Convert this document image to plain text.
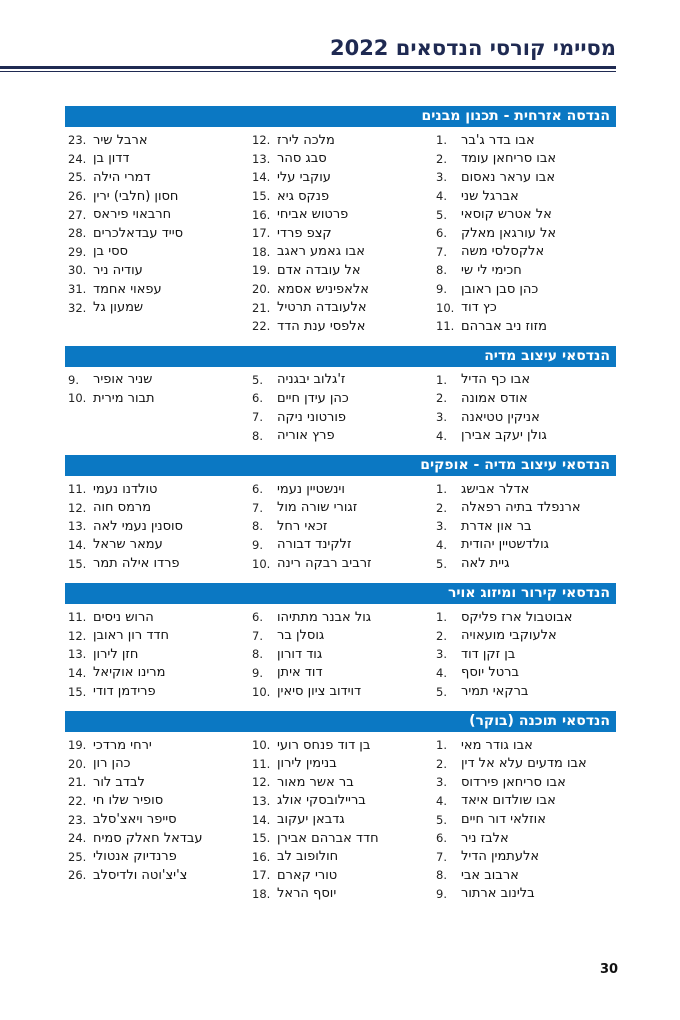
מסיימי קורסי הנדסאים 2022
הנדסה אזרחית - תכנון מבנים
1.	אבו בדר ג'בר
2.	אבו סריחאן עומד
3.	אבו עראר נאסום
4.	אברגל שני
5.	אל אטרש קוסאי
6.	אל עורגאן מאלק
7.	אלקסלסי משה
8.	חכימי לי שי
9.	כהן סבן ראובן
10. כץ דוד
11. מזוז ניב אברהם
12. מלכה לירז
13. סבג סהר
14. עוקבי עלי
15. פנקס גיא
16. פרטוש אביחי
17. קצפ פרדי
18. אבו גאמע ראגב
19. אל עובדה אדם
20. אלאפיניש אסמא
21. אלעובדה תרטיל
22. אלפסי ענת הדד
23. ארבל שיר
24. דדון בן
25. דמרי הילה
26. חסון (חלבי) ירין
27. חרבאוי פיראס
28. סייד עבדאלכרים
29. ססי בן
30. עודיה ניר
31. עפאוי אחמד
32. שמעון גל
הנדסאי עיצוב מדיה
1.	אבו כף הדיל
2.	אודס אמונה
3.	אניקין טטיאנה
4.	גולן יעקב אבירן
5.	ז'גלוב יבגניה
6.	כהן עידן חיים
7.	פורטוני ניקה
8.	פרץ אוריה
9.	שניר אופיר
10. תבור מירית
הנדסאי עיצוב מדיה - אופקים
1.	אדלר אבישג
2.	ארנפלד בתיה רפאלה
3.	בר און אדרת
4.	גולדשטיין יהודית
5.	גיית לאה
6.	וינשטיין נעמי
7.	זגורי שורה מול
8.	זכאי רחל
9.	זלקינד דבורה
10. זרביב רבקה רינה
11. טולדנו נעמי
12. מרמס חוה
13. סוסנין נעמי לאה
14. עמאר שראל
15. פרדו אילה תמר
הנדסאי קירור ומיזוג אויר
1.	אבוטבול ארז פליקס
2.	אלעוקבי מועאויה
3.	בן זקן דוד
4.	ברטל יוסף
5.	ברקאי תמיר
6.	גול אבנר מתתיהו
7.	גוסלן בר
8.	גוד דורון
9.	דוד איתן
10. דוידוב ציון סיאין
11. הרוש ניסים
12. חדד רון ראובן
13. חזן לירון
14. מרינו אוקיאל
15. פרידמן דודי
הנדסאי תוכנה (בוקר)
1.	אבו גודר מאי
2.	אבו מדעים עלא אל דין
3.	אבו סריחאן פירדוס
4.	אבו שולדום איאד
5.	אוזלאי דור חיים
6.	אלבז ניר
7.	אלעתמין הדיל
8.	ארבוב אבי
9.	בלינוב ארתור
10. בן דוד פנחס רועי
11. בנימין לירון
12. בר אשר מאור
13. בריילובסקי אולג
14. גדבאן יעקוב
15. חדד אברהם אבירן
16. חולופוב לב
17. טורי קארם
18. יוסף הראל
19. ירחי מרדכי
20. כהן רון
21. לבדב לור
22. סופיר שלו חי
23. סייפר ויאצ'סלב
24. עבדאל חאלק סמיח
25. פרנדיוק אנטולי
26. צ'יצ'וטה ולדיסלב
30
